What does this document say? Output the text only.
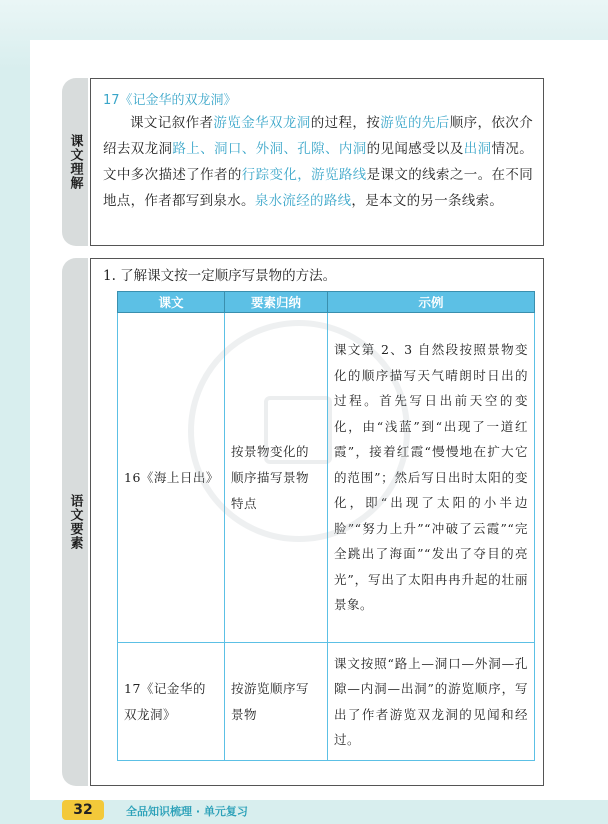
课文理解
17《记金华的双龙洞》

课文记叙作者游览金华双龙洞的过程，按游览的先后顺序，依次介绍去双龙洞路上、洞口、外洞、孔隙、内洞的见闻感受以及出洞情况。文中多次描述了作者的行踪变化，游览路线是课文的线索之一。在不同地点，作者都写到泉水。泉水流经的路线，是本文的另一条线索。

语文要素

1. 了解课文按一定顺序写景物的方法。

课文	要素归纳	示例
16《海上日出》	按景物变化的顺序描写景物特点	课文第 2、3 自然段按照景物变化的顺序描写天气晴朗时日出的过程。首先写日出前天空的变化，由“浅蓝”到“出现了一道红霞”，接着红霞“慢慢地在扩大它的范围”；然后写日出时太阳的变化，即“出现了太阳的小半边脸”“努力上升”“冲破了云霞”“完全跳出了海面”“发出了夺目的亮光”，写出了太阳冉冉升起的壮丽景象。
17《记金华的双龙洞》	按游览顺序写景物	课文按照“路上—洞口—外洞—孔隙—内洞—出洞”的游览顺序，写出了作者游览双龙洞的见闻和经过。
32	全品知识梳理 · 单元复习
